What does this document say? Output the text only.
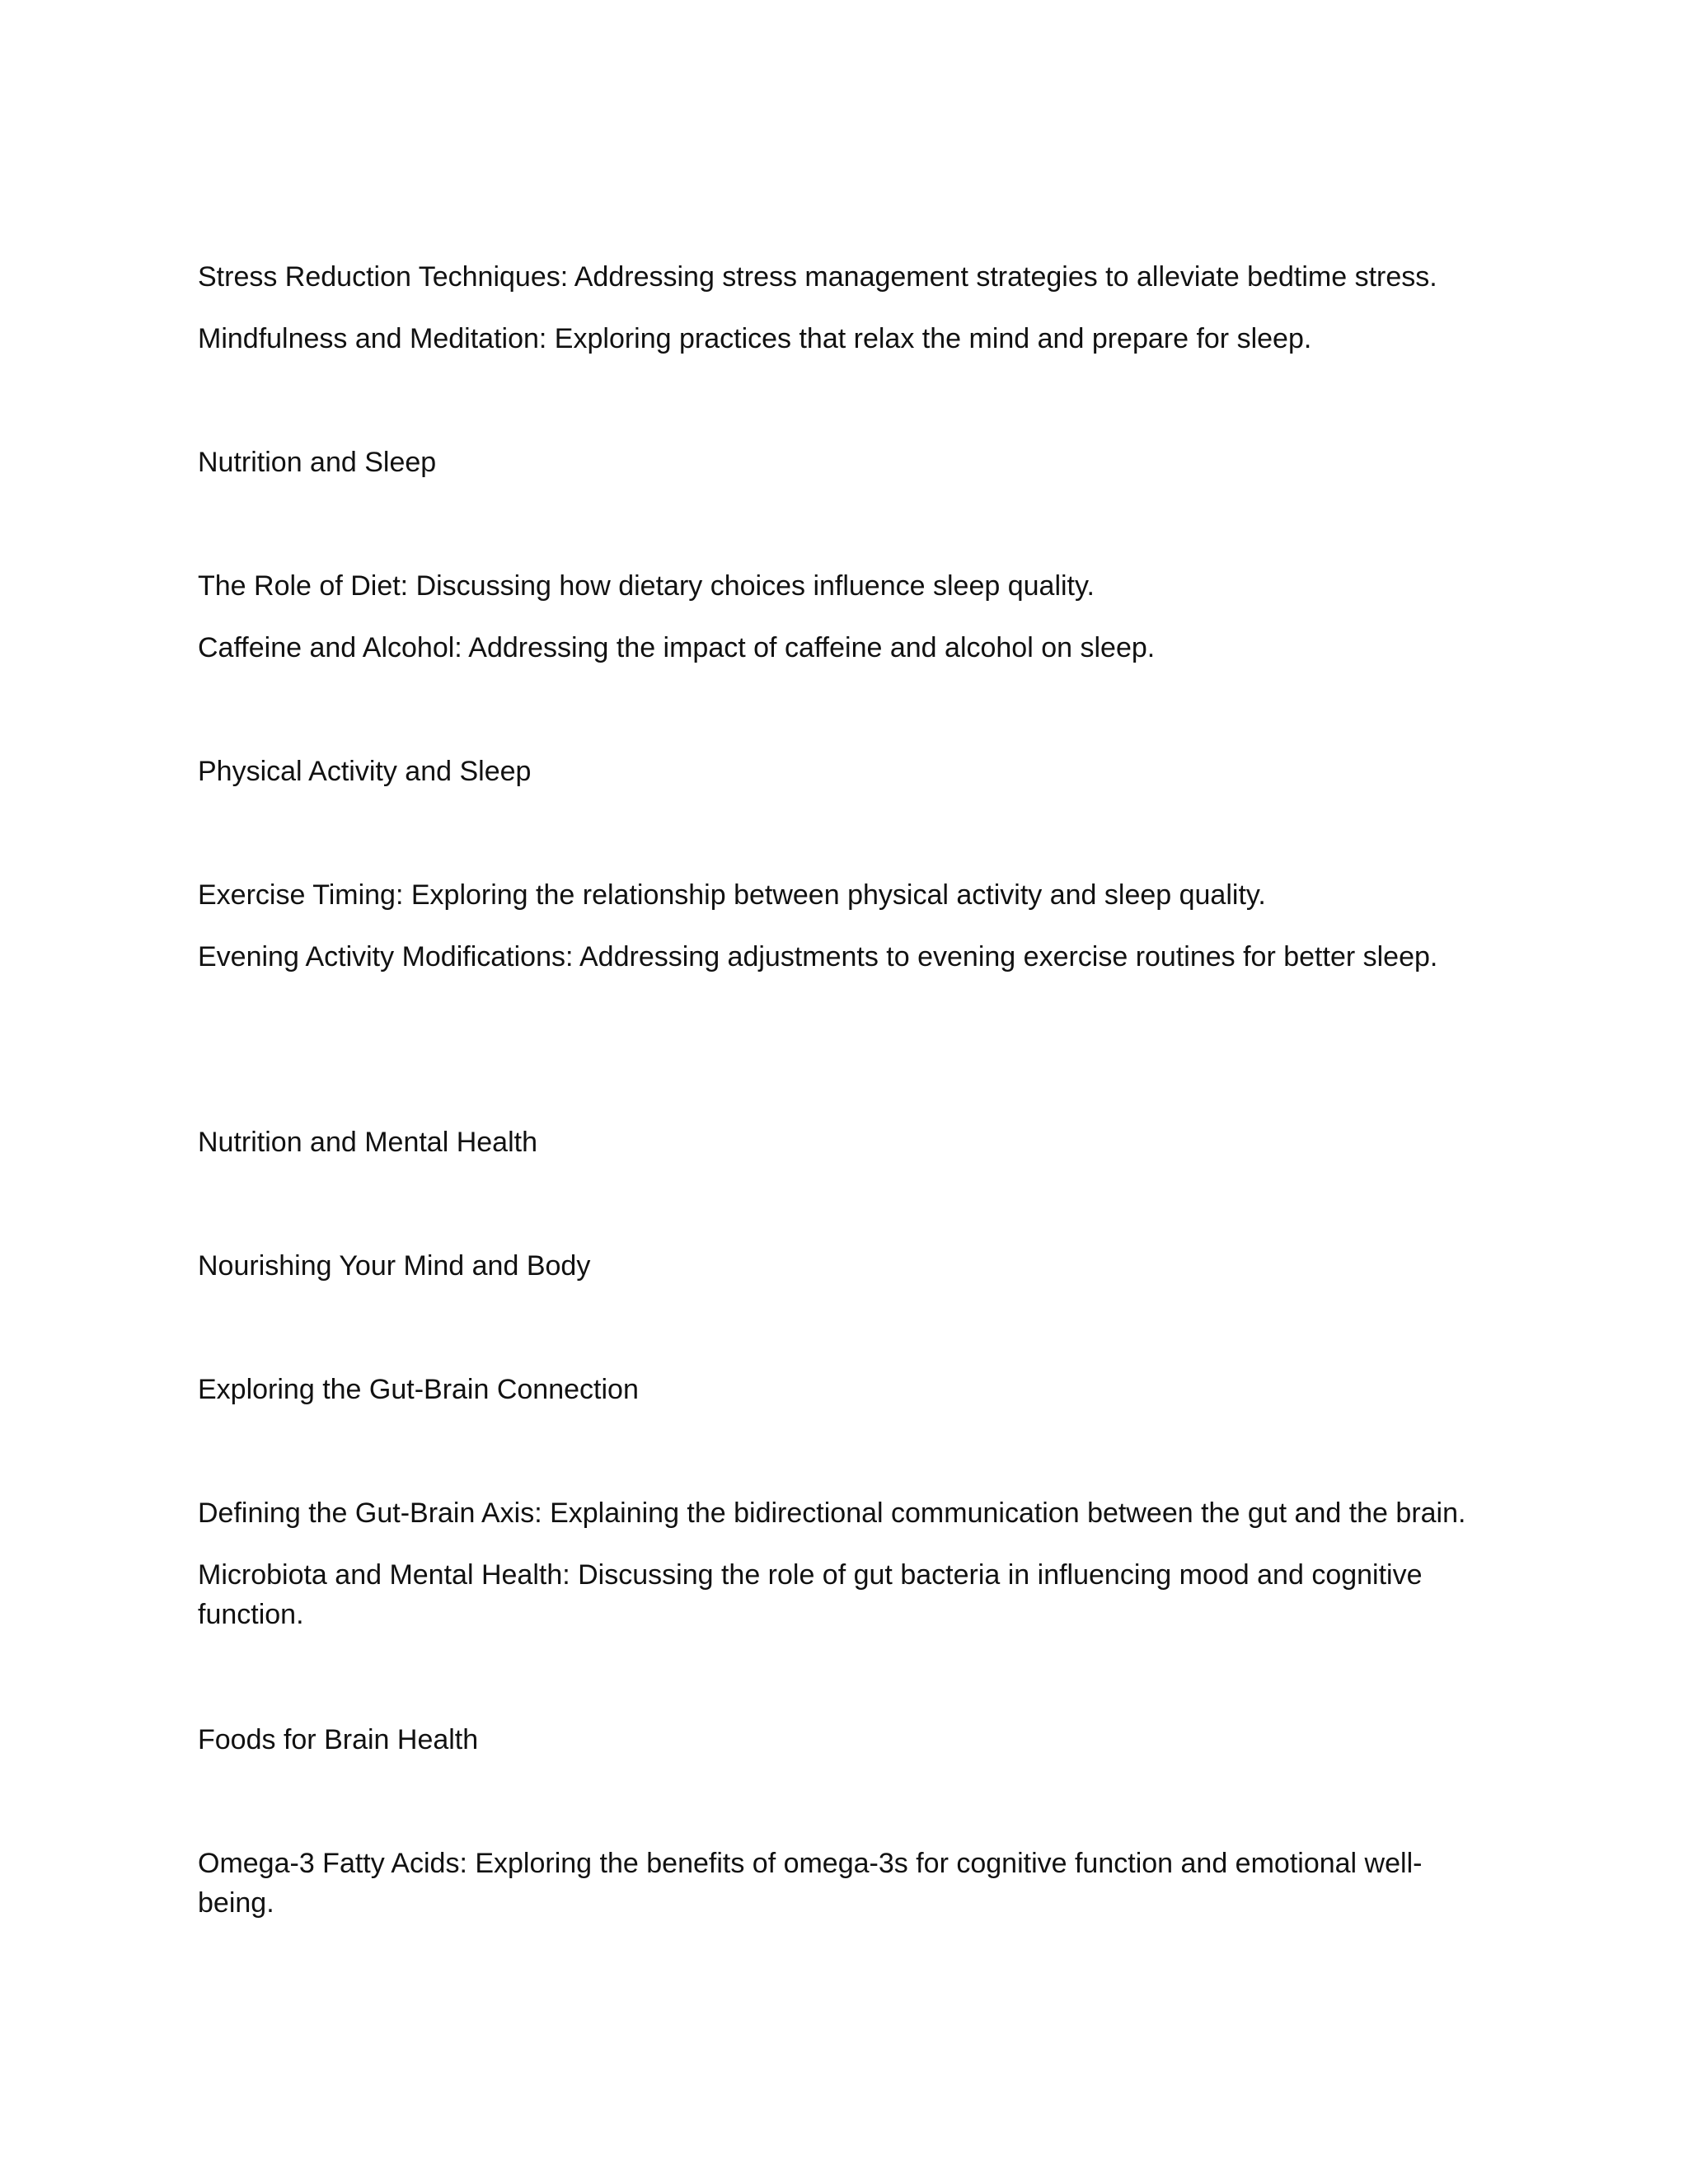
Stress Reduction Techniques: Addressing stress management strategies to alleviate bedtime stress.

Mindfulness and Meditation: Exploring practices that relax the mind and prepare for sleep.

Nutrition and Sleep

The Role of Diet: Discussing how dietary choices influence sleep quality.

Caffeine and Alcohol: Addressing the impact of caffeine and alcohol on sleep.

Physical Activity and Sleep

Exercise Timing: Exploring the relationship between physical activity and sleep quality.

Evening Activity Modifications: Addressing adjustments to evening exercise routines for better sleep.

Nutrition and Mental Health

Nourishing Your Mind and Body

Exploring the Gut-Brain Connection

Defining the Gut-Brain Axis: Explaining the bidirectional communication between the gut and the brain.

Microbiota and Mental Health: Discussing the role of gut bacteria in influencing mood and cognitive function.

Foods for Brain Health

Omega-3 Fatty Acids: Exploring the benefits of omega-3s for cognitive function and emotional well-being.
